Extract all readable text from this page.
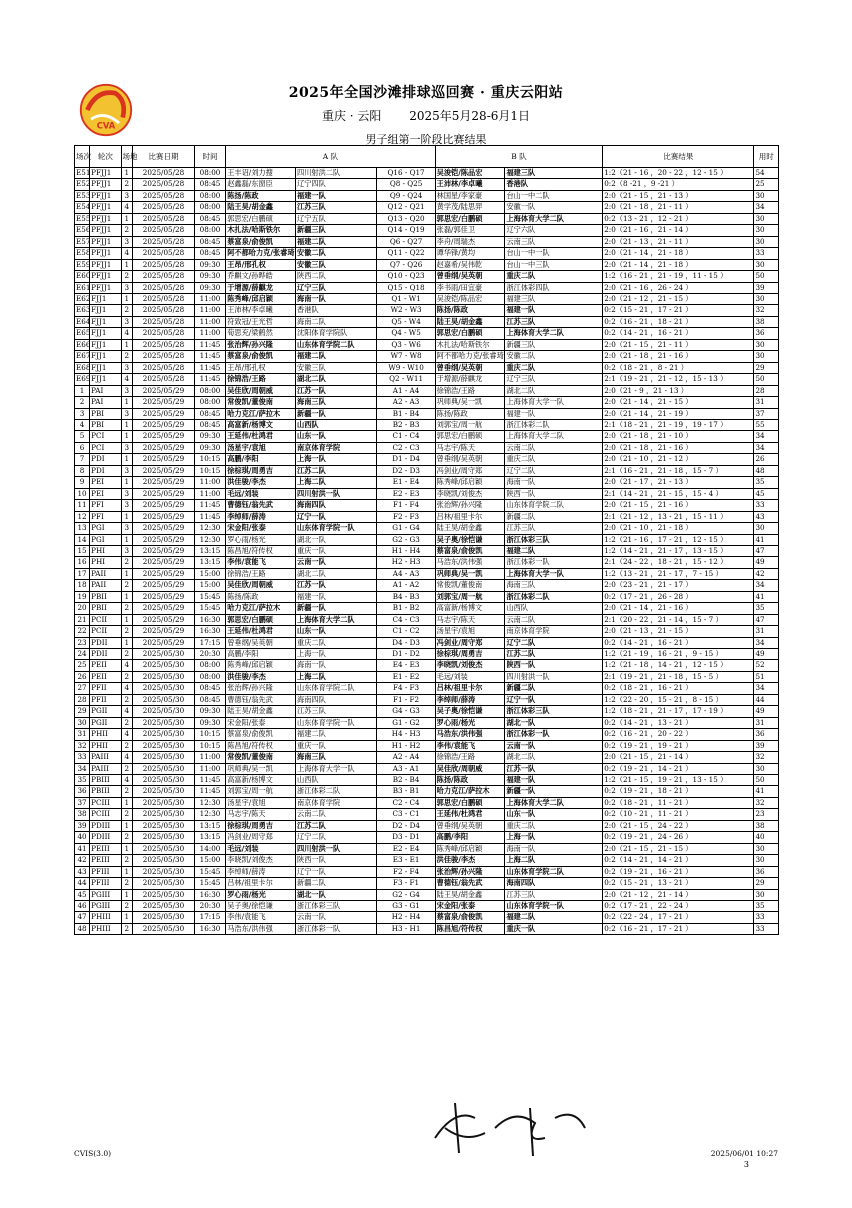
CVA
2025年全国沙滩排球巡回赛 · 重庆云阳站
重庆 · 云阳 2025年5月28-6月1日
男子组第一阶段比赛结果
场次	轮次	场地	比赛日期	时间	A 队			B 队		比赛结果	用时
E51	PFJJ1	1	2025/05/28	08:00	王丰诏/刘力搜	四川射洪二队	Q16 - Q17	吴浚铠/陈品宏	福建三队	1:2（21 - 16 ，20 - 22 ，12 - 15 ）	54
E52	PFJJ1	2	2025/05/28	08:45	赵鑫磊/东窗臣	辽宁四队	Q8 - Q25	王沛林/李卓曦	香港队	0:2（8 -21 ，9 -21 ）	25
E53	PFJJ1	3	2025/05/28	08:00	陈扬/陈政	福建一队	Q9 - Q24	林国星/李家豪	台山一中二队	2:0（21 - 15 ，21 - 13 ）	30
E54	PFJJ1	4	2025/05/28	08:00	陆王昊/胡金鑫	江苏三队	Q12 - Q21	黄学茂/陆思羿	安徽一队	2:0（21 - 18 ，21 - 11 ）	34
E55	PFJJ1	1	2025/05/28	08:45	郭思宏/白鹏硕	辽宁五队	Q13 - Q20	郭思宏/白鹏硕	上海体育大学二队	0:2（13 - 21 ，12 - 21 ）	30
E56	PFJJ1	2	2025/05/28	08:00	木扎法/哈斯铁尔	新疆三队	Q14 - Q19	张磊/郭佳卫	辽宁六队	2:0（21 - 16 ，21 - 14 ）	30
E57	PFJJ1	3	2025/05/28	08:45	蔡富泉/俞俊凯	福建二队	Q6 - Q27	李舟/周瑞杰	云南三队	2:0（21 - 13 ，21 - 11 ）	30
E58	PFJJ1	4	2025/05/28	08:45	阿不都哈力克/张睿琦	安徽二队	Q11 - Q22	谭华锋/黄均	台山一中一队	2:0（21 - 14 ，21 - 18 ）	33
E59	PFJJ1	1	2025/05/28	09:30	王昂/邢孔权	安徽三队	Q7 - Q26	赵嘉希/吴伟乾	台山一中三队	2:0（21 - 14 ，21 - 18 ）	30
E60	PFJJ1	2	2025/05/28	09:30	乔麒文/孙晔皓	陕西二队	Q10 - Q23	曾垂纲/吴英朝	重庆二队	1:2（16 - 21 ，21 - 19 ，11 - 15 ）	50
E61	PFJJ1	3	2025/05/28	09:30	于增源/薛麒龙	辽宁三队	Q15 - Q18	李书雨/田宜豪	浙江体彩四队	2:0（21 - 16 ，26 - 24 ）	39
E62	FJJ1	1	2025/05/28	11:00	陈秀峰/邱启颖	海南一队	Q1 - W1	吴浚铠/陈品宏	福建三队	2:0（21 - 12 ，21 - 15 ）	30
E63	FJJ1	2	2025/05/28	11:00	王沛林/李卓曦	香港队	W2 - W3	陈扬/陈政	福建一队	0:2（15 - 21 ，17 - 21 ）	32
E64	FJJ1	3	2025/05/28	11:00	符致冠/王光哲	海南二队	Q5 - W4	陆王昊/胡金鑫	江苏三队	0:2（16 - 21 ，18 - 21 ）	38
E65	FJJ1	4	2025/05/28	11:00	荀思充/梁鹤然	沈阳体育学院队	Q4 - W5	郭思宏/白鹏硕	上海体育大学二队	0:2（14 - 21 ，16 - 21 ）	36
E66	FJJ1	1	2025/05/28	11:45	张治辉/孙兴隆	山东体育学院二队	Q3 - W6	木扎法/哈斯铁尔	新疆三队	2:0（21 - 15 ，21 - 11 ）	30
E67	FJJ1	2	2025/05/28	11:45	蔡富泉/俞俊凯	福建二队	W7 - W8	阿不都哈力克/张睿琦	安徽二队	2:0（21 - 18 ，21 - 16 ）	30
E68	FJJ1	3	2025/05/28	11:45	王昂/邢孔权	安徽三队	W9 - W10	曾垂纲/吴英朝	重庆二队	0:2（18 - 21 ，8 - 21 ）	29
E69	FJJ1	4	2025/05/28	11:45	徐锦浩/王路	湖北二队	Q2 - W11	于增源/薛麒龙	辽宁三队	2:1（19 - 21 ，21 - 12 ，15 - 13 ）	50
1	PAI	3	2025/05/29	08:00	吴佳欣/周朝威	江苏一队	A1 - A4	徐锦浩/王路	湖北二队	2:0（21 - 9 ，21 - 13 ）	28
2	PAI	1	2025/05/29	08:00	常俊凯/董俊南	海南三队	A2 - A3	巩师典/吴一凯	上海体育大学一队	2:0（21 - 14 ，21 - 15 ）	31
3	PBI	3	2025/05/29	08:45	哈力克江/萨拉木	新疆一队	B1 - B4	陈扬/陈政	福建一队	2:0（21 - 14 ，21 - 19 ）	37
4	PBI	1	2025/05/29	08:45	高富新/杨博文	山西队	B2 - B3	刘郭宝/周一航	浙江体彩二队	2:1（18 - 21 ，21 - 19 ，19 - 17 ）	55
5	PCI	1	2025/05/29	09:30	王延伟/杜鸿君	山东一队	C1 - C4	郭思宏/白鹏硕	上海体育大学二队	2:0（21 - 18 ，21 - 10 ）	34
6	PCI	3	2025/05/29	09:30	汤星宇/袁旭	南京体育学院	C2 - C3	马志宇/陈天	云南二队	2:0（21 - 18 ，21 - 16 ）	34
7	PDI	1	2025/05/29	10:15	高鹏/李阳	上海一队	D1 - D4	曾垂纲/吴英朝	重庆二队	2:0（21 - 10 ，21 - 12 ）	26
8	PDI	3	2025/05/29	10:15	徐棕琪/周勇吉	江苏二队	D2 - D3	冯剑业/周守郑	辽宁二队	2:1（16 - 21 ，21 - 18 ，15 - 7 ）	48
9	PEI	1	2025/05/29	11:00	洪佳骏/李杰	上海二队	E1 - E4	陈秀峰/邱启颖	海南一队	2:0（21 - 17 ，21 - 13 ）	35
10	PEI	3	2025/05/29	11:00	毛远/刘装	四川射洪一队	E2 - E3	李晓凯/刘俊杰	陕西一队	2:1（14 - 21 ，21 - 15 ，15 - 4 ）	45
11	PFI	3	2025/05/29	11:45	曹德钰/翁先武	海南四队	F1 - F4	张治辉/孙兴隆	山东体育学院二队	2:0（21 - 15 ，21 - 16 ）	33
12	PFI	1	2025/05/29	11:45	李绰师/薛涛	辽宁一队	F2 - F3	吕林/祖里卡尔	新疆二队	2:1（21 - 12 ，13 - 21 ，15 - 11 ）	43
13	PGI	3	2025/05/29	12:30	宋金阳/张泰	山东体育学院一队	G1 - G4	陆王昊/胡金鑫	江苏三队	2:0（21 - 10 ，21 - 18 ）	30
14	PGI	1	2025/05/29	12:30	罗心雨/杨光	湖北一队	G2 - G3	吴子奥/徐恺谦	浙江体彩三队	1:2（21 - 16 ，17 - 21 ，12 - 15 ）	41
15	PHI	3	2025/05/29	13:15	陈昌旭/符传权	重庆一队	H1 - H4	蔡富泉/俞俊凯	福建二队	1:2（14 - 21 ，21 - 17 ，13 - 15 ）	47
16	PHI	2	2025/05/29	13:15	李伟/袁能飞	云南一队	H2 - H3	马浩东/洪伟强	浙江体彩一队	2:1（24 - 22 ，18 - 21 ，15 - 12 ）	49
17	PAII	1	2025/05/29	15:00	徐锦浩/王路	湖北二队	A4 - A3	巩师典/吴一凯	上海体育大学一队	1:2（13 - 21 ，21 - 17 ，7 - 15 ）	42
18	PAII	2	2025/05/29	15:00	吴佳欣/周朝威	江苏一队	A1 - A2	常俊凯/董俊南	海南三队	2:0（23 - 21 ，21 - 17 ）	34
19	PBII	1	2025/05/29	15:45	陈扬/陈政	福建一队	B4 - B3	刘郭宝/周一航	浙江体彩二队	0:2（17 - 21 ，26 - 28 ）	41
20	PBII	2	2025/05/29	15:45	哈力克江/萨拉木	新疆一队	B1 - B2	高富新/杨博文	山西队	2:0（21 - 14 ，21 - 16 ）	35
21	PCII	1	2025/05/29	16:30	郭思宏/白鹏硕	上海体育大学二队	C4 - C3	马志宇/陈天	云南二队	2:1（20 - 22 ，21 - 14 ，15 - 7 ）	47
22	PCII	2	2025/05/29	16:30	王延伟/杜鸿君	山东一队	C1 - C2	汤星宇/袁旭	南京体育学院	2:0（21 - 13 ，21 - 15 ）	31
23	PDII	1	2025/05/29	17:15	曾垂纲/吴英朝	重庆二队	D4 - D3	冯剑业/周守郑	辽宁二队	0:2（14 - 21 ，16 - 21 ）	34
24	PDII	2	2025/05/30	20:30	高鹏/李阳	上海一队	D1 - D2	徐棕琪/周勇吉	江苏二队	1:2（21 - 19 ，16 - 21 ，9 - 15 ）	49
25	PEII	4	2025/05/30	08:00	陈秀峰/邱启颖	海南一队	E4 - E3	李晓凯/刘俊杰	陕西一队	1:2（21 - 18 ，14 - 21 ，12 - 15 ）	52
26	PEII	2	2025/05/30	08:00	洪佳骏/李杰	上海二队	E1 - E2	毛远/刘装	四川射洪一队	2:1（19 - 21 ，21 - 18 ，15 - 5 ）	51
27	PFII	4	2025/05/30	08:45	张治辉/孙兴隆	山东体育学院二队	F4 - F3	吕林/祖里卡尔	新疆二队	0:2（18 - 21 ，16 - 21 ）	34
28	PFII	2	2025/05/30	08:45	曹德钰/翁先武	海南四队	F1 - F2	李绰师/薛涛	辽宁一队	1:2（22 - 20 ，15 - 21 ，8 - 15 ）	44
29	PGII	4	2025/05/30	09:30	陆王昊/胡金鑫	江苏三队	G4 - G3	吴子奥/徐恺谦	浙江体彩三队	1:2（18 - 21 ，21 - 17 ，17 - 19 ）	49
30	PGII	2	2025/05/30	09:30	宋金阳/张泰	山东体育学院一队	G1 - G2	罗心雨/杨光	湖北一队	0:2（14 - 21 ，13 - 21 ）	31
31	PHII	4	2025/05/30	10:15	蔡富泉/俞俊凯	福建二队	H4 - H3	马浩东/洪伟强	浙江体彩一队	0:2（16 - 21 ，20 - 22 ）	36
32	PHII	2	2025/05/30	10:15	陈昌旭/符传权	重庆一队	H1 - H2	李伟/袁能飞	云南一队	0:2（19 - 21 ，19 - 21 ）	39
33	PAIII	4	2025/05/30	11:00	常俊凯/董俊南	海南三队	A2 - A4	徐锦浩/王路	湖北二队	2:0（21 - 15 ，21 - 14 ）	32
34	PAIII	2	2025/05/30	11:00	巩师典/吴一凯	上海体育大学一队	A3 - A1	吴佳欣/周朝威	江苏一队	0:2（19 - 21 ，14 - 21 ）	30
35	PBIII	4	2025/05/30	11:45	高富新/杨博文	山西队	B2 - B4	陈扬/陈政	福建一队	1:2（21 - 15 ，19 - 21 ，13 - 15 ）	50
36	PBIII	2	2025/05/30	11:45	刘郭宝/周一航	浙江体彩二队	B3 - B1	哈力克江/萨拉木	新疆一队	0:2（19 - 21 ，18 - 21 ）	41
37	PCIII	1	2025/05/30	12:30	汤星宇/袁旭	南京体育学院	C2 - C4	郭思宏/白鹏硕	上海体育大学二队	0:2（18 - 21 ，11 - 21 ）	32
38	PCIII	2	2025/05/30	12:30	马志宇/陈天	云南二队	C3 - C1	王延伟/杜鸿君	山东一队	0:2（10 - 21 ，11 - 21 ）	23
39	PDIII	1	2025/05/30	13:15	徐棕琪/周勇吉	江苏二队	D2 - D4	曾垂纲/吴英朝	重庆二队	2:0（21 - 15 ，24 - 22 ）	38
40	PDIII	2	2025/05/30	13:15	冯剑业/周守郑	辽宁二队	D3 - D1	高鹏/李阳	上海一队	0:2（19 - 21 ，24 - 26 ）	40
41	PEIII	1	2025/05/30	14:00	毛远/刘装	四川射洪一队	E2 - E4	陈秀峰/邱启颖	海南一队	2:0（21 - 15 ，21 - 15 ）	30
42	PEIII	2	2025/05/30	15:00	李晓凯/刘俊杰	陕西一队	E3 - E1	洪佳骏/李杰	上海二队	0:2（14 - 21 ，14 - 21 ）	30
43	PFIII	1	2025/05/30	15:45	李绰师/薛涛	辽宁一队	F2 - F4	张治辉/孙兴隆	山东体育学院二队	0:2（19 - 21 ，16 - 21 ）	36
44	PFIII	2	2025/05/30	15:45	吕林/祖里卡尔	新疆二队	F3 - F1	曹德钰/翁先武	海南四队	0:2（15 - 21 ，13 - 21 ）	29
45	PGIII	1	2025/05/30	16:30	罗心雨/杨光	湖北一队	G2 - G4	陆王昊/胡金鑫	江苏三队	2:0（21 - 12 ，21 - 14 ）	30
46	PGIII	2	2025/05/30	20:30	吴子奥/徐恺谦	浙江体彩三队	G3 - G1	宋金阳/张泰	山东体育学院一队	0:2（17 - 21 ，22 - 24 ）	35
47	PHIII	1	2025/05/30	17:15	李伟/袁能飞	云南一队	H2 - H4	蔡富泉/俞俊凯	福建二队	0:2（22 - 24 ，17 - 21 ）	33
48	PHIII	2	2025/05/30	16:30	马浩东/洪伟强	浙江体彩一队	H3 - H1	陈昌旭/符传权	重庆一队	0:2（16 - 21 ，17 - 21 ）	33
CVIS(3.0)	2025/06/01 10:27
3
